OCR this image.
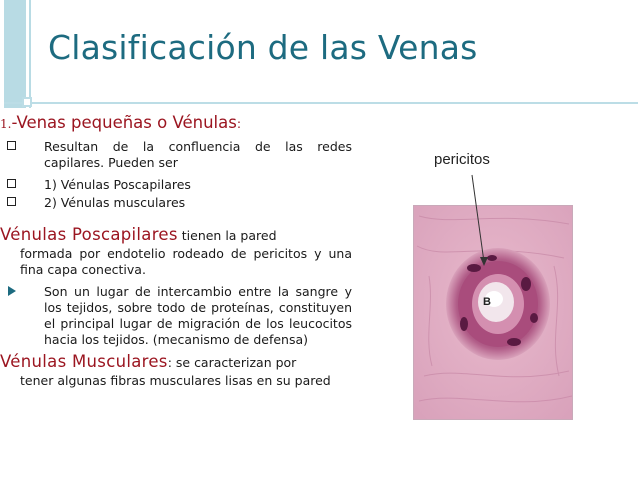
Clasificación de las Venas

1.-Venas pequeñas o Vénulas:

Resultan de la confluencia de las redes capilares. Pueden ser
1) Vénulas Poscapilares
2) Vénulas musculares

Vénulas Poscapilares tienen la pared

formada por endotelio rodeado de pericitos y una fina capa conectiva.

Son un lugar de intercambio entre la sangre y los tejidos, sobre todo de proteínas, constituyen el principal lugar de migración de los leucocitos hacia los tejidos. (mecanismo de defensa)

Vénulas Musculares: se caracterizan por

tener algunas fibras musculares lisas en su pared

pericitos
B
